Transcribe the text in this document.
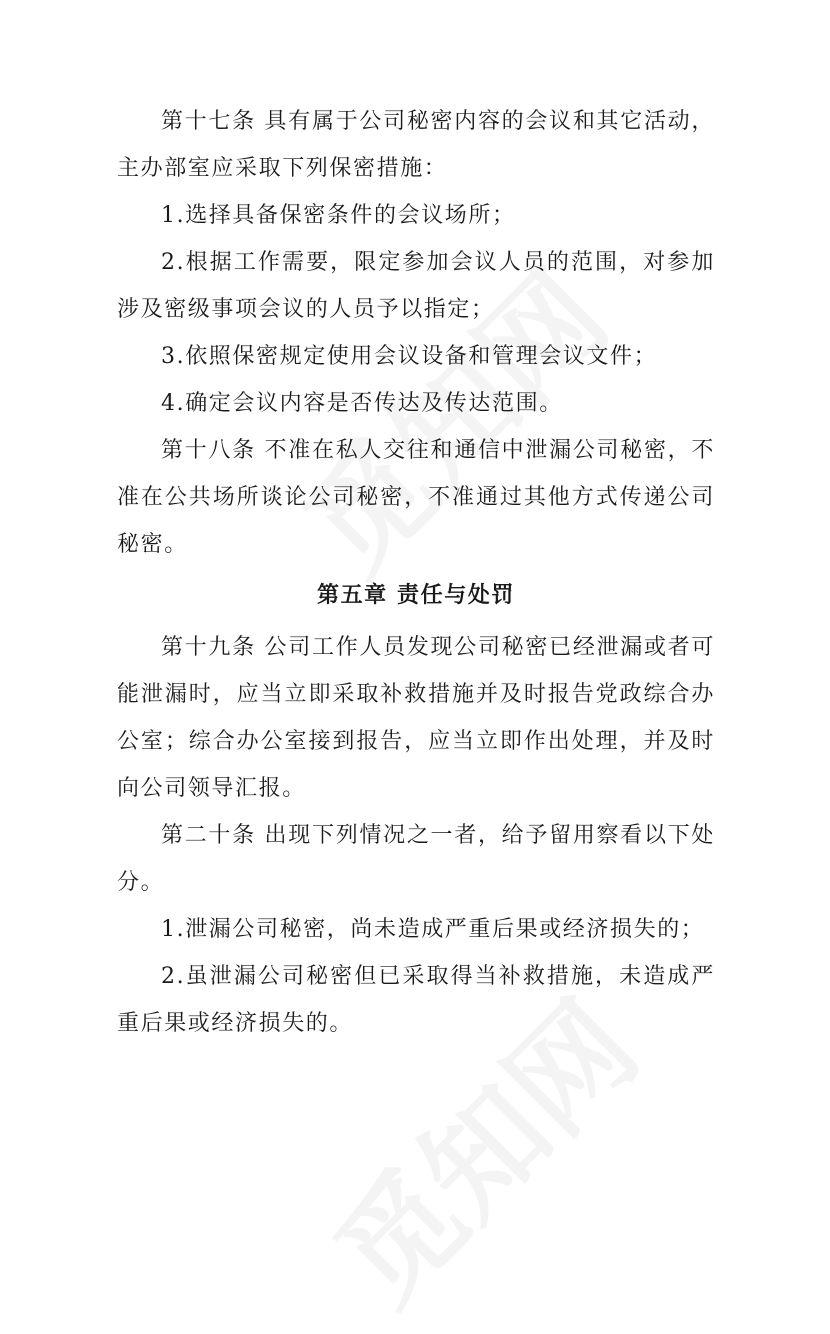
第十七条 具有属于公司秘密内容的会议和其它活动，主办部室应采取下列保密措施：

1.选择具备保密条件的会议场所；

2.根据工作需要，限定参加会议人员的范围，对参加涉及密级事项会议的人员予以指定；

3.依照保密规定使用会议设备和管理会议文件；

4.确定会议内容是否传达及传达范围。

第十八条 不准在私人交往和通信中泄漏公司秘密，不准在公共场所谈论公司秘密，不准通过其他方式传递公司秘密。

第五章 责任与处罚

第十九条 公司工作人员发现公司秘密已经泄漏或者可能泄漏时，应当立即采取补救措施并及时报告党政综合办公室；综合办公室接到报告，应当立即作出处理，并及时向公司领导汇报。

第二十条 出现下列情况之一者，给予留用察看以下处分。

1.泄漏公司秘密，尚未造成严重后果或经济损失的；

2.虽泄漏公司秘密但已采取得当补救措施，未造成严重后果或经济损失的。
